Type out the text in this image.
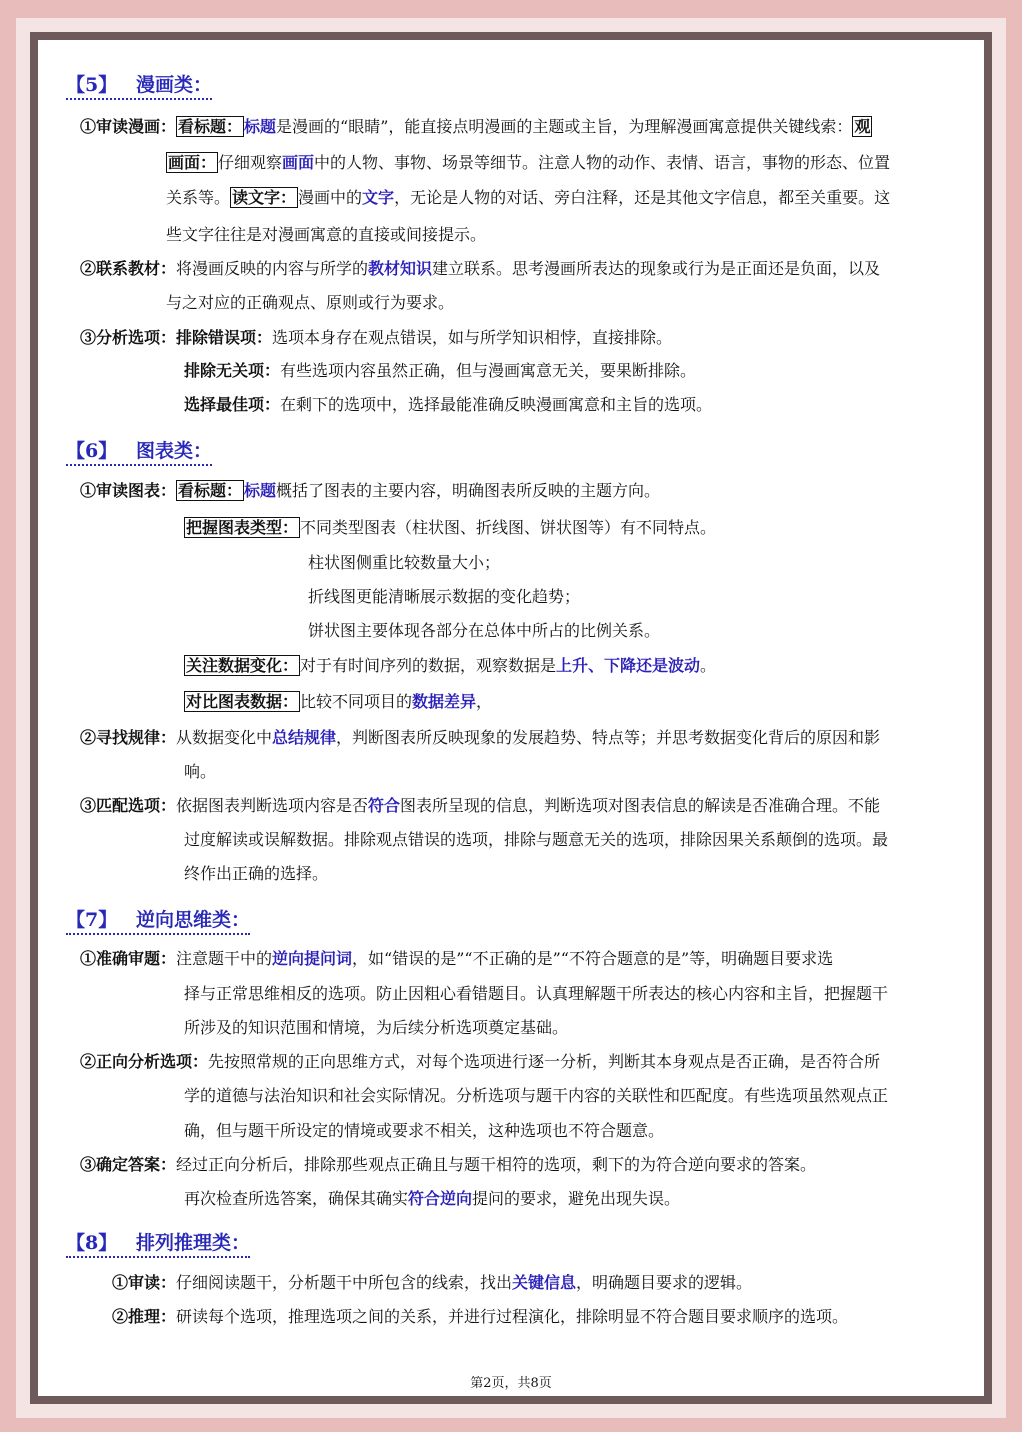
【5】 漫画类：
①审读漫画： 看标题： 标题是漫画的“眼睛”，能直接点明漫画的主题或主旨，为理解漫画寓意提供关键线索： 观
画面： 仔细观察画面中的人物、事物、场景等细节。注意人物的动作、表情、语言，事物的形态、位置
关系等。 读文字： 漫画中的文字，无论是人物的对话、旁白注释，还是其他文字信息，都至关重要。这
些文字往往是对漫画寓意的直接或间接提示。
②联系教材：将漫画反映的内容与所学的教材知识建立联系。思考漫画所表达的现象或行为是正面还是负面，以及
与之对应的正确观点、原则或行为要求。
③分析选项：排除错误项：选项本身存在观点错误，如与所学知识相悖，直接排除。
排除无关项：有些选项内容虽然正确，但与漫画寓意无关，要果断排除。
选择最佳项：在剩下的选项中，选择最能准确反映漫画寓意和主旨的选项。
【6】 图表类：
①审读图表： 看标题： 标题概括了图表的主要内容，明确图表所反映的主题方向。
把握图表类型： 不同类型图表（柱状图、折线图、饼状图等）有不同特点。
柱状图侧重比较数量大小；
折线图更能清晰展示数据的变化趋势；
饼状图主要体现各部分在总体中所占的比例关系。
关注数据变化： 对于有时间序列的数据，观察数据是上升、下降还是波动。
对比图表数据： 比较不同项目的数据差异，
②寻找规律：从数据变化中总结规律，判断图表所反映现象的发展趋势、特点等；并思考数据变化背后的原因和影
响。
③匹配选项：依据图表判断选项内容是否符合图表所呈现的信息，判断选项对图表信息的解读是否准确合理。不能
过度解读或误解数据。排除观点错误的选项，排除与题意无关的选项，排除因果关系颠倒的选项。最
终作出正确的选择。
【7】 逆向思维类：
①准确审题：注意题干中的逆向提问词，如“错误的是”“不正确的是”“不符合题意的是”等，明确题目要求选
择与正常思维相反的选项。防止因粗心看错题目。认真理解题干所表达的核心内容和主旨，把握题干
所涉及的知识范围和情境，为后续分析选项奠定基础。
②正向分析选项：先按照常规的正向思维方式，对每个选项进行逐一分析，判断其本身观点是否正确，是否符合所
学的道德与法治知识和社会实际情况。分析选项与题干内容的关联性和匹配度。有些选项虽然观点正
确，但与题干所设定的情境或要求不相关，这种选项也不符合题意。
③确定答案：经过正向分析后，排除那些观点正确且与题干相符的选项，剩下的为符合逆向要求的答案。
再次检查所选答案，确保其确实符合逆向提问的要求，避免出现失误。
【8】 排列推理类：
①审读：仔细阅读题干，分析题干中所包含的线索，找出关键信息，明确题目要求的逻辑。
②推理：研读每个选项，推理选项之间的关系，并进行过程演化，排除明显不符合题目要求顺序的选项。
第2页，共8页
